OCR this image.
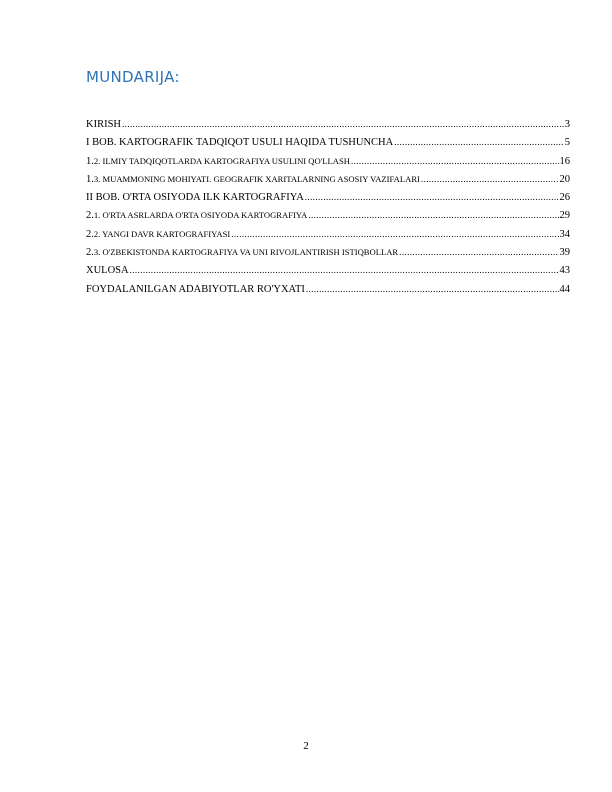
MUNDARIJA:
KIRISH .....	3
I BOB. KARTOGRAFIK TADQIQOT USULI HAQIDA TUSHUNCHA .....	5
1.2. ILMIY TADQIQOTLARDA KARTOGRAFIYA USULINI QO'LLASH .....	16
1.3. MUAMMONING MOHIYATI. GEOGRAFIK XARITALARNING ASOSIY VAZIFALARI .....	20
II BOB. O'RTA OSIYODA ILK KARTOGRAFIYA .....	26
2.1. O'RTA ASRLARDA O'RTA OSIYODA KARTOGRAFIYA .....	29
2.2. YANGI DAVR KARTOGRAFIYASI .....	34
2.3. O'ZBEKISTONDA KARTOGRAFIYA VA UNI RIVOJLANTIRISH ISTIQBOLLAR .....	39
XULOSA .....	43
FOYDALANILGAN ADABIYOTLAR RO'YXATI .....	44
2
